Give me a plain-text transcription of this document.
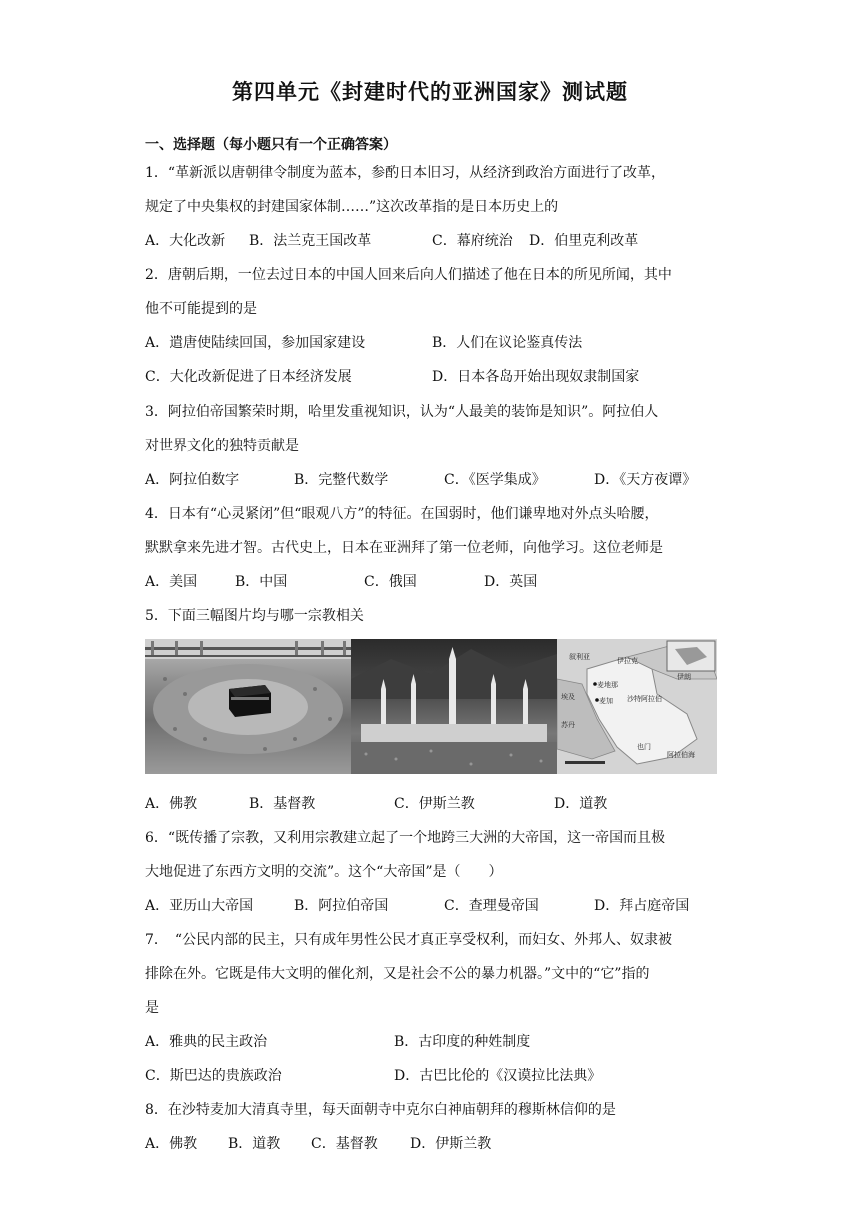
第四单元《封建时代的亚洲国家》测试题
一、选择题（每小题只有一个正确答案）
1．“革新派以唐朝律令制度为蓝本，参酌日本旧习，从经济到政治方面进行了改革，
规定了中央集权的封建国家体制……”这次改革指的是日本历史上的
A．大化改新 B．法兰克王国改革	C．幕府统治 D．伯里克利改革
2．唐朝后期，一位去过日本的中国人回来后向人们描述了他在日本的所见所闻，其中
他不可能提到的是
A．遣唐使陆续回国，参加国家建设	B．人们在议论鉴真传法
C．大化改新促进了日本经济发展	D．日本各岛开始出现奴隶制国家
3．阿拉伯帝国繁荣时期，哈里发重视知识，认为“人最美的装饰是知识”。阿拉伯人
对世界文化的独特贡献是
A．阿拉伯数字	B．完整代数学	C．《医学集成》	D．《天方夜谭》
4．日本有“心灵紧闭”但“眼观八方”的特征。在国弱时，他们谦卑地对外点头哈腰，
默默拿来先进才智。古代史上，日本在亚洲拜了第一位老师，向他学习。这位老师是
A．美国	B．中国	C．俄国	D．英国
5．下面三幅图片均与哪一宗教相关
叙利亚	伊拉克
伊朗
埃及
麦地那
麦加 沙特阿拉伯
苏丹
也门
阿拉伯海
A．佛教	B．基督教	C．伊斯兰教	D．道教
6．“既传播了宗教，又利用宗教建立起了一个地跨三大洲的大帝国，这一帝国而且极
大地促进了东西方文明的交流”。这个“大帝国”是（　　）
A．亚历山大帝国	B．阿拉伯帝国	C．查理曼帝国	D．拜占庭帝国
7．　“公民内部的民主，只有成年男性公民才真正享受权利，而妇女、外邦人、奴隶被
排除在外。它既是伟大文明的催化剂，又是社会不公的暴力机器。”文中的“它”指的
是
A．雅典的民主政治	B．古印度的种姓制度
C．斯巴达的贵族政治	D．古巴比伦的《汉谟拉比法典》
8．在沙特麦加大清真寺里，每天面朝寺中克尔白神庙朝拜的穆斯林信仰的是
A．佛教 B．道教 C．基督教 D．伊斯兰教
